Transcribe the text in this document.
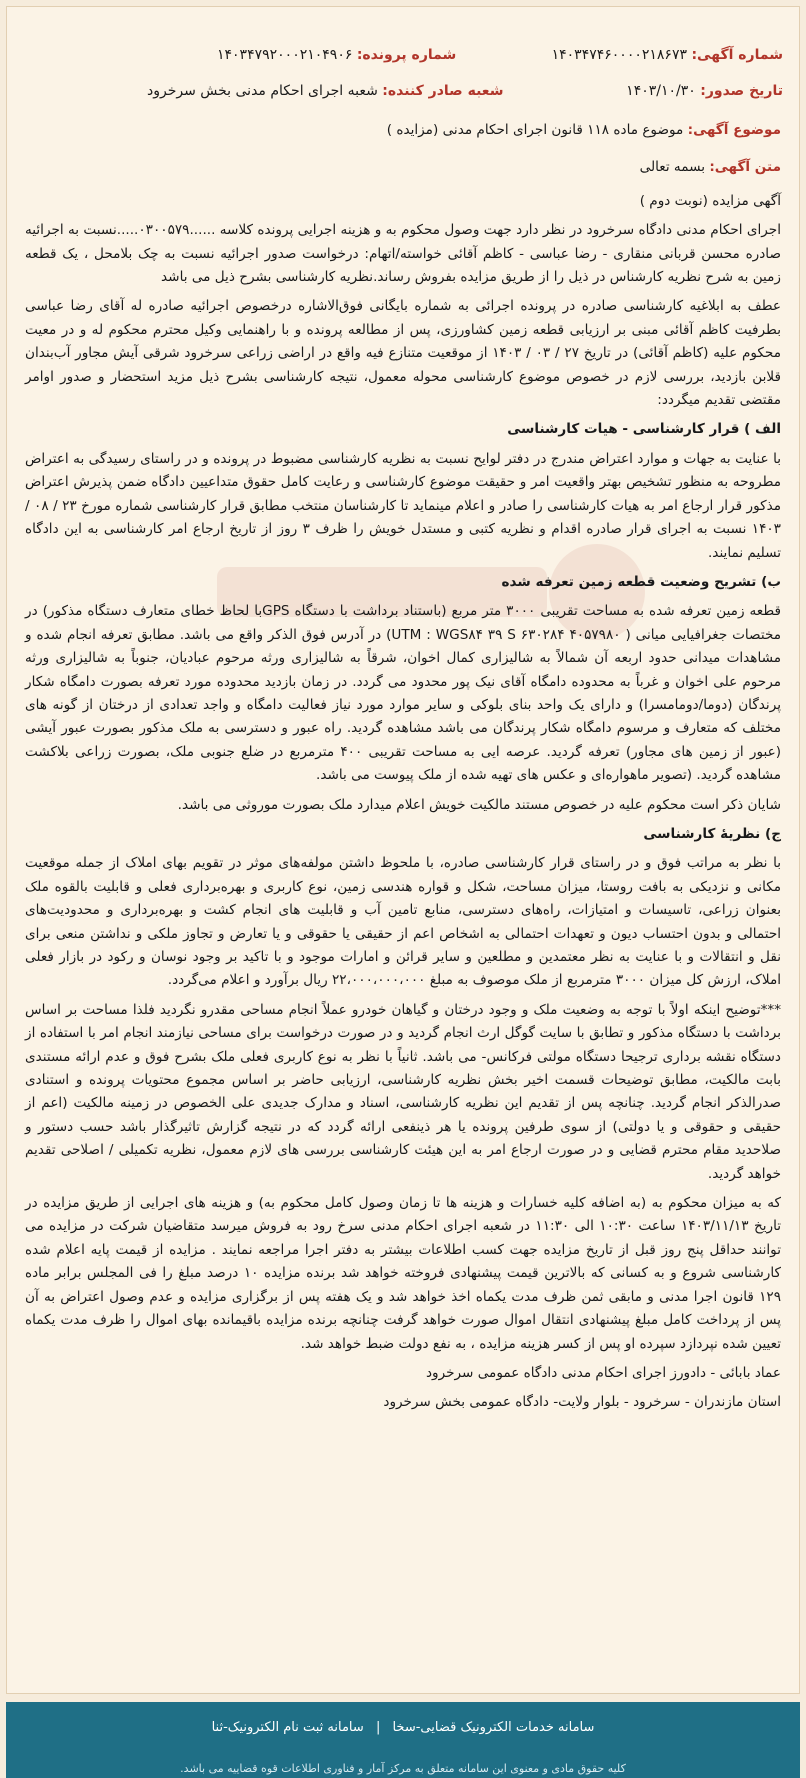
شماره آگهی: ۱۴۰۳۴۷۴۶۰۰۰۰۲۱۸۶۷۳
شماره پرونده: ۱۴۰۳۴۷۹۲۰۰۰۲۱۰۴۹۰۶
تاریخ صدور: ۱۴۰۳/۱۰/۳۰
شعبه صادر کننده: شعبه اجرای احکام مدنی بخش سرخرود

موضوع آگهی: موضوع ماده ۱۱۸ قانون اجرای احکام مدنی (مزایده )

متن آگهی: بسمه تعالی

آگهی مزایده (نوبت دوم )

اجرای احکام مدنی دادگاه سرخرود در نظر دارد جهت وصول محکوم به و هزینه اجرایی پرونده کلاسه ......۰۳۰۰۵۷۹.....نسبت به اجرائیه صادره محسن قربانی منقاری - رضا عباسی - کاظم آقائی خواسته/اتهام: درخواست صدور اجرائیه نسبت به چک بلامحل ، یک قطعه زمین به شرح نظریه کارشناس در ذیل را از طریق مزایده بفروش رساند.نظریه کارشناسی بشرح ذیل می باشد

عطف به ابلاغیه کارشناسی صادره در پرونده اجرائی به شماره بایگانی فوق‌الاشاره درخصوص اجرائیه صادره له آقای رضا عباسی بطرفیت کاظم آقائی مبنی بر ارزیابی قطعه زمین کشاورزی، پس از مطالعه پرونده و با راهنمایی وکیل محترم محکوم له و در معیت محکوم علیه (کاظم آقائی) در تاریخ ۲۷ / ۰۳ / ۱۴۰۳ از موقعیت متنازع فیه واقع در اراضی زراعی سرخرود شرقی آیش مجاور آب‌بندان قلابن بازدید، بررسی لازم در خصوص موضوع کارشناسی محوله معمول، نتیجه کارشناسی بشرح ذیل مزید استحضار و صدور اوامر مقتضی تقدیم میگردد:

الف ) قرار کارشناسی - هیات کارشناسی

با عنایت به جهات و موارد اعتراض مندرج در دفتر لوایح نسبت به نظریه کارشناسی مضبوط در پرونده و در راستای رسیدگی به اعتراض مطروحه به منظور تشخیص بهتر واقعیت امر و حقیقت موضوع کارشناسی و رعایت کامل حقوق متداعیین دادگاه ضمن پذیرش اعتراض مذکور قرار ارجاع امر به هیات کارشناسی را صادر و اعلام مینماید تا کارشناسان منتخب مطابق قرار کارشناسی شماره مورخ ۲۳ / ۰۸ / ۱۴۰۳ نسبت به اجرای قرار صادره اقدام و نظریه کتبی و مستدل خویش را ظرف ۳ روز از تاریخ ارجاع امر کارشناسی به این دادگاه تسلیم نمایند.

ب) تشریح وضعیت قطعه زمین تعرفه شده

قطعه زمین تعرفه شده به مساحت تقریبی ۳۰۰۰ متر مربع (باستناد برداشت با دستگاه GPSبا لحاظ خطای متعارف دستگاه مذکور) در مختصات جغرافیایی میانی ( UTM : WGS۸۴ ۳۹ S ۶۳۰۲۸۴ ۴۰۵۷۹۸۰) در آدرس فوق الذکر واقع می باشد. مطابق تعرفه انجام شده و مشاهدات میدانی حدود اربعه آن شمالاً به شالیزاری کمال اخوان، شرقاً به شالیزاری ورثه مرحوم عبادیان، جنوباً به شالیزاری ورثه مرحوم علی اخوان و غرباً به محدوده دامگاه آقای نیک پور محدود می گردد. در زمان بازدید محدوده مورد تعرفه بصورت دامگاه شکار پرندگان (دوما/دومامسرا) و دارای یک واحد بنای بلوکی و سایر موارد مورد نیاز فعالیت دامگاه و واجد تعدادی از درختان از گونه های مختلف که متعارف و مرسوم دامگاه شکار پرندگان می باشد مشاهده گردید. راه عبور و دسترسی به ملک مذکور بصورت عبور آیشی (عبور از زمین های مجاور) تعرفه گردید. عرصه ایی به مساحت تقریبی ۴۰۰ مترمربع در ضلع جنوبی ملک، بصورت زراعی بلاکشت مشاهده گردید. (تصویر ماهواره‌ای و عکس های تهیه شده از ملک پیوست می باشد.

شایان ذکر است محکوم علیه در خصوص مستند مالکیت خویش اعلام میدارد ملک بصورت موروثی می باشد.

ج) نظریهٔ کارشناسی

با نظر به مراتب فوق و در راستای قرار کارشناسی صادره، با ملحوظ داشتن مولفه‌های موثر در تقویم بهای املاک از جمله موقعیت مکانی و نزدیکی به بافت روستا، میزان مساحت، شکل و قواره هندسی زمین، نوع کاربری و بهره‌برداری فعلی و قابلیت بالقوه ملک بعنوان زراعی، تاسیسات و امتیازات، راه‌های دسترسی، منابع تامین آب و قابلیت های انجام کشت و بهره‌برداری و محدودیت‌های احتمالی و بدون احتساب دیون و تعهدات احتمالی به اشخاص اعم از حقیقی یا حقوقی و یا تعارض و تجاوز ملکی و نداشتن منعی برای نقل و انتقالات و با عنایت به نظر معتمدین و مطلعین و سایر قرائن و امارات موجود و با تاکید بر وجود نوسان و رکود در بازار فعلی املاک، ارزش کل میزان ۳۰۰۰ مترمربع از ملک موصوف به مبلغ ۲۲،۰۰۰،۰۰۰،۰۰۰ ریال برآورد و اعلام می‌گردد.

***توضیح اینکه اولاً با توجه به وضعیت ملک و وجود درختان و گیاهان خودرو عملاً انجام مساحی مقدرو نگردید فلذا مساحت بر اساس برداشت با دستگاه مذکور و تطابق با سایت گوگل ارث انجام گردید و در صورت درخواست برای مساحی نیازمند انجام امر با استفاده از دستگاه نقشه برداری ترجیحا دستگاه مولتی فرکانس- می باشد. ثانیاً با نظر به نوع کاربری فعلی ملک بشرح فوق و عدم ارائه مستندی بابت مالکیت، مطابق توضیحات قسمت اخیر بخش نظریه کارشناسی، ارزیابی حاضر بر اساس مجموع محتویات پرونده و استنادی صدرالذکر انجام گردید. چنانچه پس از تقدیم این نظریه کارشناسی، اسناد و مدارک جدیدی علی الخصوص در زمینه مالکیت (اعم از حقیقی و حقوقی و یا دولتی) از سوی طرفین پرونده یا هر ذینفعی ارائه گردد که در نتیجه گزارش تاثیرگذار باشد حسب دستور و صلاحدید مقام محترم قضایی و در صورت ارجاع امر به این هیئت کارشناسی بررسی های لازم معمول، نظریه تکمیلی / اصلاحی تقدیم خواهد گردید.

که به میزان محکوم به (به اضافه کلیه خسارات و هزینه ها تا زمان وصول کامل محکوم به) و هزینه های اجرایی از طریق مزایده در تاریخ ۱۴۰۳/۱۱/۱۳ ساعت ۱۰:۳۰ الی ۱۱:۳۰ در شعبه اجرای احکام مدنی سرخ رود به فروش میرسد متقاضیان شرکت در مزایده می توانند حداقل پنج روز قبل از تاریخ مزایده جهت کسب اطلاعات بیشتر به دفتر اجرا مراجعه نمایند . مزایده از قیمت پایه اعلام شده کارشناسی شروع و به کسانی که بالاترین قیمت پیشنهادی فروخته خواهد شد برنده مزایده ۱۰ درصد مبلغ را فی المجلس برابر ماده ۱۲۹ قانون اجرا مدنی و مابقی ثمن ظرف مدت یکماه اخذ خواهد شد و یک هفته پس از برگزاری مزایده و عدم وصول اعتراض به آن پس از پرداخت کامل مبلغ پیشنهادی انتقال اموال صورت خواهد گرفت چنانچه برنده مزایده باقیمانده بهای اموال را ظرف مدت یکماه تعیین شده نپردازد سپرده او پس از کسر هزینه مزایده ، به نفع دولت ضبط خواهد شد.

عماد بابائی - دادورز اجرای احکام مدنی دادگاه عمومی سرخرود

استان مازندران - سرخرود - بلوار ولایت- دادگاه عمومی بخش سرخرود

سامانه خدمات الکترونیک قضایی-سخا | سامانه ثبت نام الکترونیک-ثنا
کلیه حقوق مادی و معنوی این سامانه متعلق به مرکز آمار و فناوری اطلاعات قوه قضاییه می باشد.
